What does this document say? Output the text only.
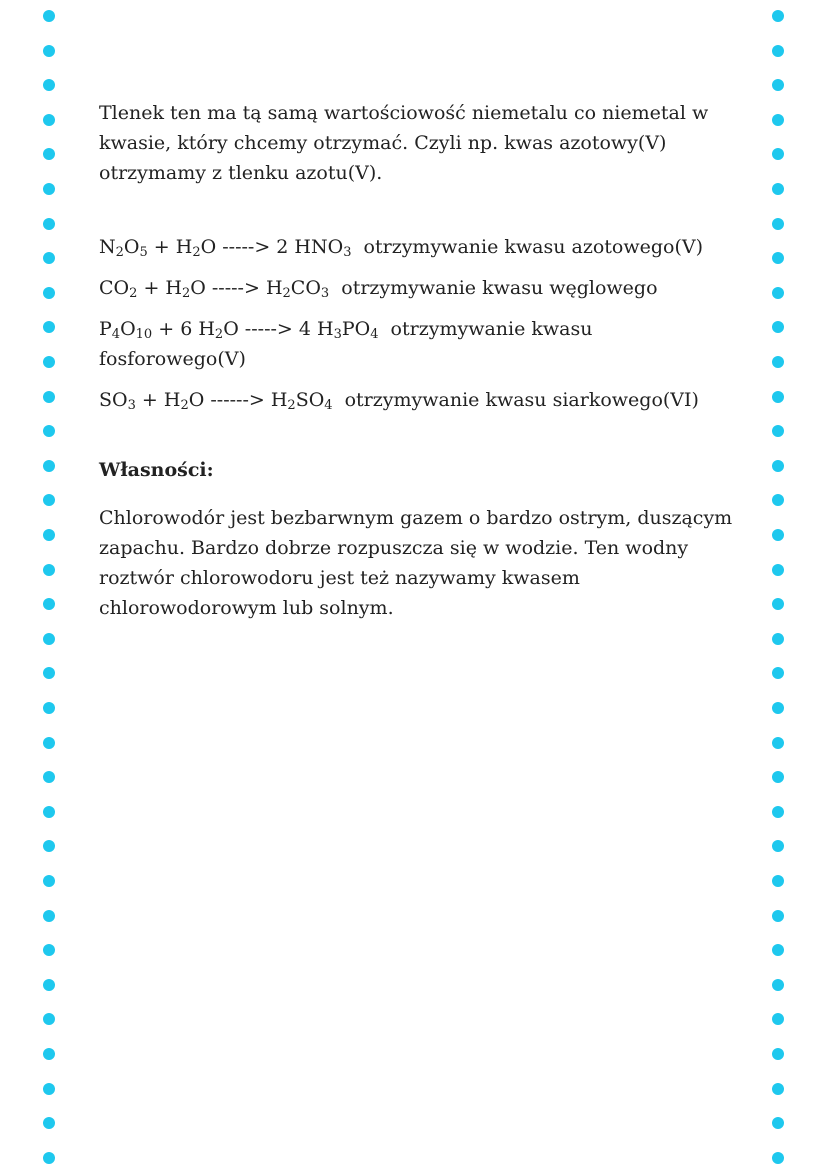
Tlenek ten ma tą samą wartościowość niemetalu co niemetal w kwasie, który chcemy otrzymać. Czyli np. kwas azotowy(V) otrzymamy z tlenku azotu(V).

$N_2O_5 + H_2O$ -----> 2 $HNO_3$ otrzymywanie kwasu azotowego(V)

$CO_2 + H_2O$ -----> $H_2CO_3$ otrzymywanie kwasu węglowego

$P_4O_{10} + 6$ $H_2O$ -----> 4 $H_3PO_4$ otrzymywanie kwasu fosforowego(V)

$SO_3 + H_2O$ ------> $H_2SO_4$ otrzymywanie kwasu siarkowego(VI)

Własności:

Chlorowodór jest bezbarwnym gazem o bardzo ostrym, duszącym zapachu. Bardzo dobrze rozpuszcza się w wodzie. Ten wodny roztwór chlorowodoru jest też nazywamy kwasem chlorowodorowym lub solnym.
